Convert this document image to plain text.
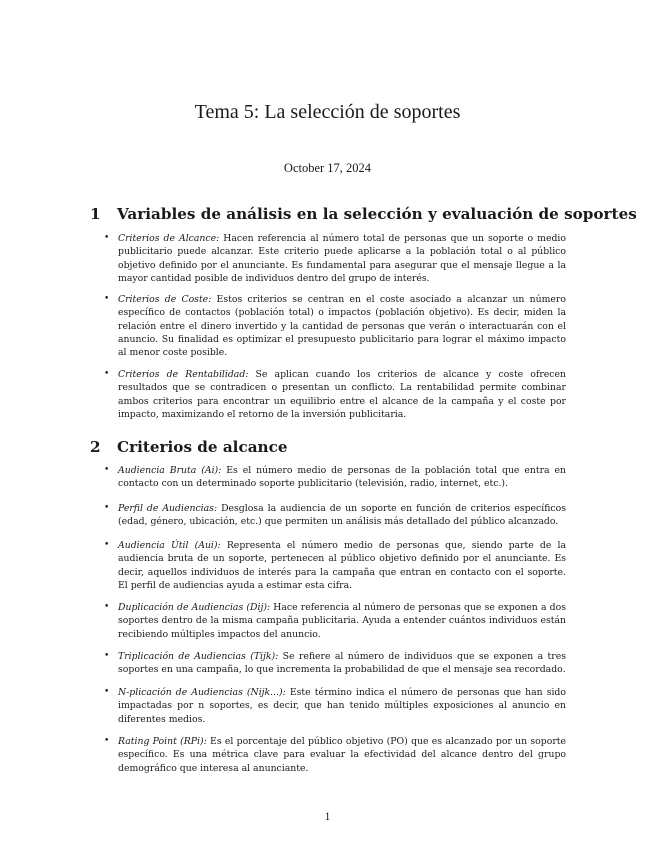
Tema 5: La selección de soportes
October 17, 2024
1	Variables de análisis en la selección y evaluación de soportes
• Criterios de Alcance: Hacen referencia al número total de personas que un soporte o medio publicitario puede alcanzar. Este criterio puede aplicarse a la población total o al público objetivo definido por el anunciante. Es fundamental para asegurar que el mensaje llegue a la mayor cantidad posible de individuos dentro del grupo de interés.
• Criterios de Coste: Estos criterios se centran en el coste asociado a alcanzar un número específico de contactos (población total) o impactos (población objetivo). Es decir, miden la relación entre el dinero invertido y la cantidad de personas que verán o interactuarán con el anuncio. Su finalidad es optimizar el presupuesto publicitario para lograr el máximo impacto al menor coste posible.
• Criterios de Rentabilidad: Se aplican cuando los criterios de alcance y coste ofrecen resultados que se contradicen o presentan un conflicto. La rentabilidad permite combinar ambos criterios para encontrar un equilibrio entre el alcance de la campaña y el coste por impacto, maximizando el retorno de la inversión publicitaria.
2	Criterios de alcance
• Audiencia Bruta (Ai): Es el número medio de personas de la población total que entra en contacto con un determinado soporte publicitario (televisión, radio, internet, etc.).
• Perfil de Audiencias: Desglosa la audiencia de un soporte en función de criterios específicos (edad, género, ubicación, etc.) que permiten un análisis más detallado del público alcanzado.
• Audiencia Útil (Aui): Representa el número medio de personas que, siendo parte de la audiencia bruta de un soporte, pertenecen al público objetivo definido por el anunciante. Es decir, aquellos individuos de interés para la campaña que entran en contacto con el soporte. El perfil de audiencias ayuda a estimar esta cifra.
• Duplicación de Audiencias (Dij): Hace referencia al número de personas que se exponen a dos soportes dentro de la misma campaña publicitaria. Ayuda a entender cuántos individuos están recibiendo múltiples impactos del anuncio.
• Triplicación de Audiencias (Tijk): Se refiere al número de individuos que se exponen a tres soportes en una campaña, lo que incrementa la probabilidad de que el mensaje sea recordado.
• N-plicación de Audiencias (Nijk...): Este término indica el número de personas que han sido impactadas por n soportes, es decir, que han tenido múltiples exposiciones al anuncio en diferentes medios.
• Rating Point (RPi): Es el porcentaje del público objetivo (PO) que es alcanzado por un soporte específico. Es una métrica clave para evaluar la efectividad del alcance dentro del grupo demográfico que interesa al anunciante.
1
